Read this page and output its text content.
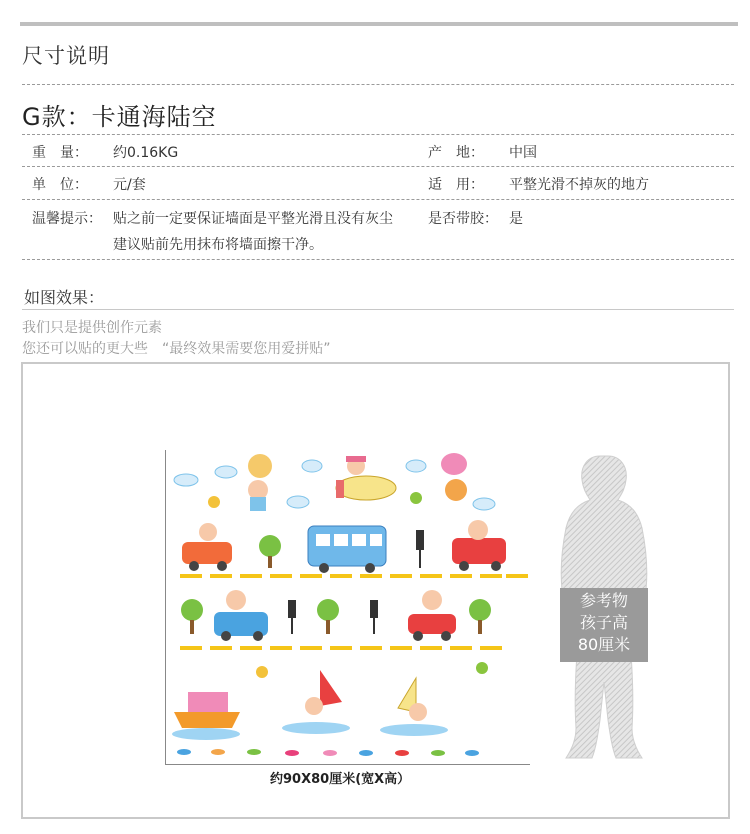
尺寸说明
G款：卡通海陆空
重　量： 约0.16KG	产　地： 中国
单　位： 元/套	适　用： 平整光滑不掉灰的地方
温馨提示： 贴之前一定要保证墙面是平整光滑且没有灰尘
建议贴前先用抹布将墙面擦干净。
是否带胶： 是
如图效果：
我们只是提供创作元素
您还可以贴的更大些　“最终效果需要您用爱拼贴”
约90X80厘米(宽X高）
参考物
孩子高
80厘米
